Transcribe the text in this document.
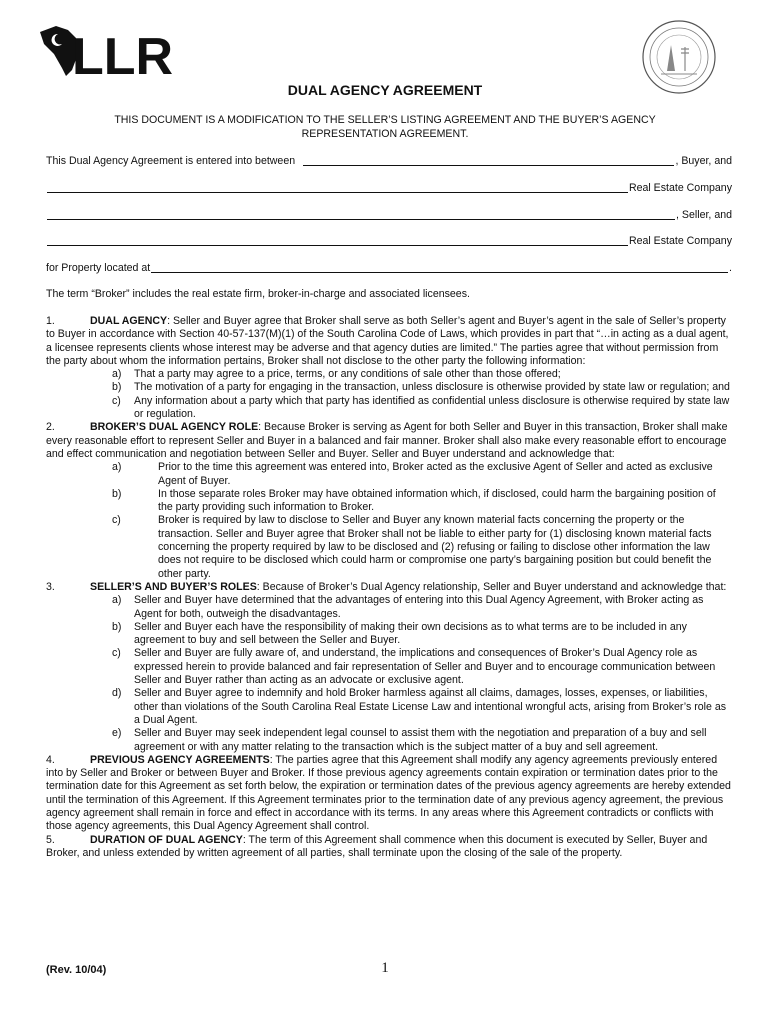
LLR
DUAL AGENCY AGREEMENT
THIS DOCUMENT IS A MODIFICATION TO THE SELLER’S LISTING AGREEMENT AND THE BUYER’S AGENCY
REPRESENTATION AGREEMENT.
This Dual Agency Agreement is entered into between	, Buyer, and
Real Estate Company
, Seller, and
Real Estate Company
for Property located at	.
The term “Broker” includes the real estate firm, broker-in-charge and associated licensees.
1.	DUAL AGENCY: Seller and Buyer agree that Broker shall serve as both Seller’s agent and Buyer’s agent in the sale of Seller’s property to Buyer in accordance with Section 40-57-137(M)(1) of the South Carolina Code of Laws, which provides in part that “…in acting as a dual agent, a licensee represents clients whose interest may be adverse and that agency duties are limited.” The parties agree that without permission from the party about whom the information pertains, Broker shall not disclose to the other party the following information:
a)	That a party may agree to a price, terms, or any conditions of sale other than those offered;
b)	The motivation of a party for engaging in the transaction, unless disclosure is otherwise provided by state law or regulation; and
c)	Any information about a party which that party has identified as confidential unless disclosure is otherwise required by state law or regulation.
2.	BROKER’S DUAL AGENCY ROLE: Because Broker is serving as Agent for both Seller and Buyer in this transaction, Broker shall make every reasonable effort to represent Seller and Buyer in a balanced and fair manner. Broker shall also make every reasonable effort to encourage and effect communication and negotiation between Seller and Buyer. Seller and Buyer understand and acknowledge that:
a)	Prior to the time this agreement was entered into, Broker acted as the exclusive Agent of Seller and acted as exclusive Agent of Buyer.
b)	In those separate roles Broker may have obtained information which, if disclosed, could harm the bargaining position of the party providing such information to Broker.
c)	Broker is required by law to disclose to Seller and Buyer any known material facts concerning the property or the transaction. Seller and Buyer agree that Broker shall not be liable to either party for (1) disclosing known material facts concerning the property required by law to be disclosed and (2) refusing or failing to disclose other information the law does not require to be disclosed which could harm or compromise one party’s bargaining position but could benefit the other party.
3.	SELLER’S AND BUYER’S ROLES: Because of Broker’s Dual Agency relationship, Seller and Buyer understand and acknowledge that:
a)	Seller and Buyer have determined that the advantages of entering into this Dual Agency Agreement, with Broker acting as Agent for both, outweigh the disadvantages.
b)	Seller and Buyer each have the responsibility of making their own decisions as to what terms are to be included in any agreement to buy and sell between the Seller and Buyer.
c)	Seller and Buyer are fully aware of, and understand, the implications and consequences of Broker’s Dual Agency role as expressed herein to provide balanced and fair representation of Seller and Buyer and to encourage communication between Seller and Buyer rather than acting as an advocate or exclusive agent.
d)	Seller and Buyer agree to indemnify and hold Broker harmless against all claims, damages, losses, expenses, or liabilities, other than violations of the South Carolina Real Estate License Law and intentional wrongful acts, arising from Broker’s role as a Dual Agent.
e)	Seller and Buyer may seek independent legal counsel to assist them with the negotiation and preparation of a buy and sell agreement or with any matter relating to the transaction which is the subject matter of a buy and sell agreement.
4.	PREVIOUS AGENCY AGREEMENTS: The parties agree that this Agreement shall modify any agency agreements previously entered into by Seller and Broker or between Buyer and Broker. If those previous agency agreements contain expiration or termination dates prior to the termination date for this Agreement as set forth below, the expiration or termination dates of the previous agency agreements are hereby extended until the termination of this Agreement. If this Agreement terminates prior to the termination date of any previous agency agreement, the previous agency agreement shall remain in force and effect in accordance with its terms. In any areas where this Agreement contradicts or conflicts with those agency agreements, this Dual Agency Agreement shall control.
5.	DURATION OF DUAL AGENCY: The term of this Agreement shall commence when this document is executed by Seller, Buyer and Broker, and unless extended by written agreement of all parties, shall terminate upon the closing of the sale of the property.
(Rev. 10/04)	1
